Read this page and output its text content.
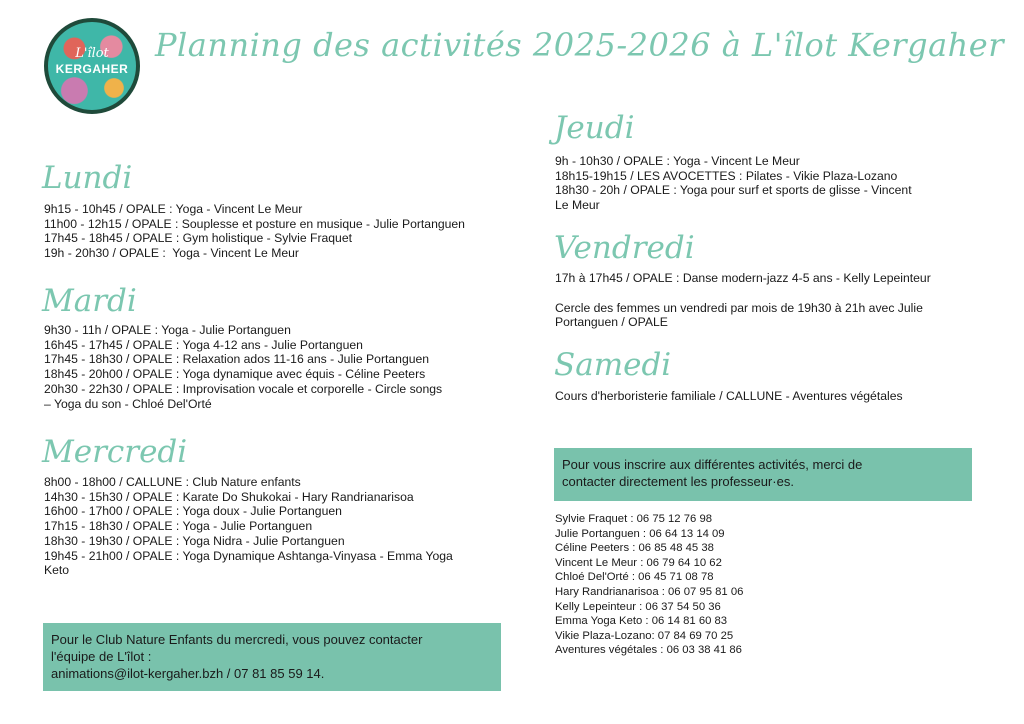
L'îlot
KERGAHER
Planning des activités 2025-2026 à L'îlot Kergaher
Lundi
9h15 - 10h45 / OPALE : Yoga - Vincent Le Meur
11h00 - 12h15 / OPALE : Souplesse et posture en musique - Julie Portanguen
17h45 - 18h45 / OPALE : Gym holistique - Sylvie Fraquet
19h - 20h30 / OPALE :  Yoga - Vincent Le Meur
Mardi
9h30 - 11h / OPALE : Yoga - Julie Portanguen
16h45 - 17h45 / OPALE : Yoga 4-12 ans - Julie Portanguen
17h45 - 18h30 / OPALE : Relaxation ados 11-16 ans - Julie Portanguen
18h45 - 20h00 / OPALE : Yoga dynamique avec équis - Céline Peeters
20h30 - 22h30 / OPALE : Improvisation vocale et corporelle - Circle songs
– Yoga du son - Chloé Del'Orté
Mercredi
8h00 - 18h00 / CALLUNE : Club Nature enfants
14h30 - 15h30 / OPALE : Karate Do Shukokai - Hary Randrianarisoa
16h00 - 17h00 / OPALE : Yoga doux - Julie Portanguen
17h15 - 18h30 / OPALE : Yoga - Julie Portanguen
18h30 - 19h30 / OPALE : Yoga Nidra - Julie Portanguen
19h45 - 21h00 / OPALE : Yoga Dynamique Ashtanga-Vinyasa - Emma Yoga
Keto
Pour le Club Nature Enfants du mercredi, vous pouvez contacter
l'équipe de L'îlot :
animations@ilot-kergaher.bzh / 07 81 85 59 14.
Jeudi
9h - 10h30 / OPALE : Yoga - Vincent Le Meur
18h15-19h15 / LES AVOCETTES : Pilates - Vikie Plaza-Lozano
18h30 - 20h / OPALE : Yoga pour surf et sports de glisse - Vincent
Le Meur
Vendredi
17h à 17h45 / OPALE : Danse modern-jazz 4-5 ans - Kelly Lepeinteur
Cercle des femmes un vendredi par mois de 19h30 à 21h avec Julie
Portanguen / OPALE
Samedi
Cours d'herboristerie familiale / CALLUNE - Aventures végétales
Pour vous inscrire aux différentes activités, merci de
contacter directement les professeur·es.
Sylvie Fraquet : 06 75 12 76 98
Julie Portanguen : 06 64 13 14 09
Céline Peeters : 06 85 48 45 38
Vincent Le Meur : 06 79 64 10 62
Chloé Del'Orté : 06 45 71 08 78
Hary Randrianarisoa : 06 07 95 81 06
Kelly Lepeinteur : 06 37 54 50 36
Emma Yoga Keto : 06 14 81 60 83
Vikie Plaza-Lozano: 07 84 69 70 25
Aventures végétales : 06 03 38 41 86
